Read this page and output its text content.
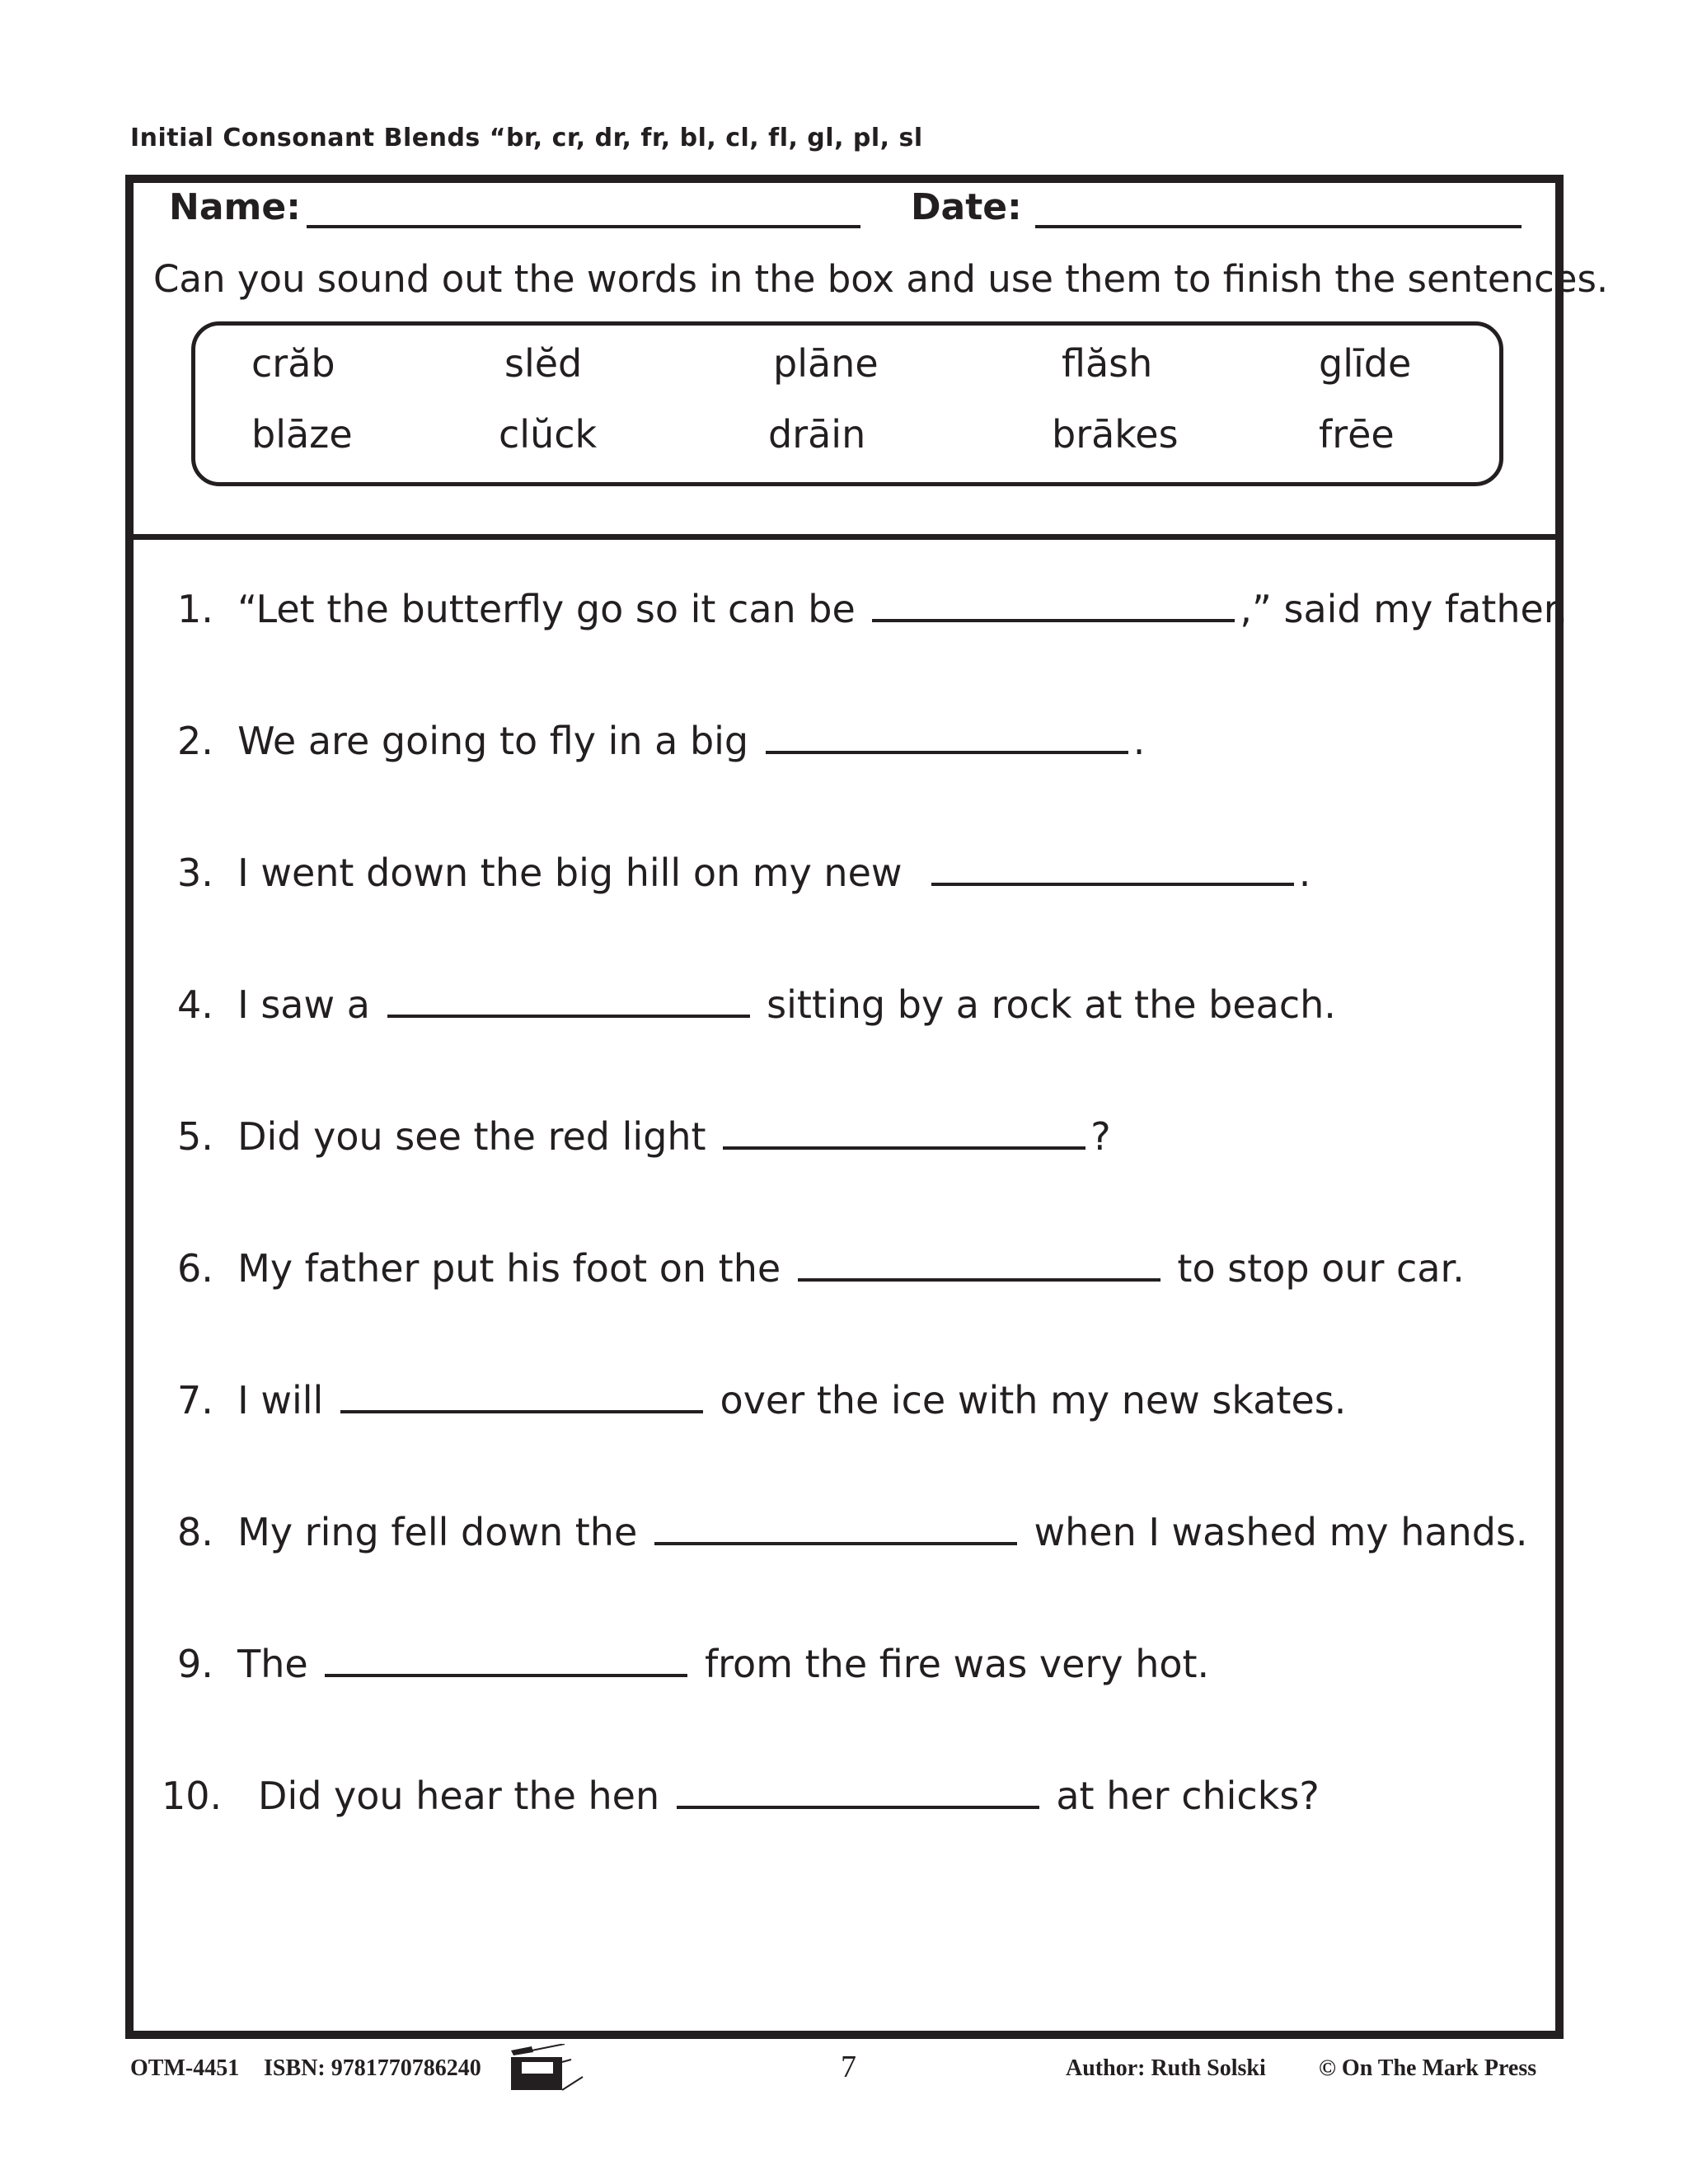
Initial Consonant Blends “br, cr, dr, fr, bl, cl, fl, gl, pl, sl
Name:	Date:
Can you sound out the words in the box and use them to finish the sentences.
crăb	slĕd	plāne	flăsh	glīde
blāze	clŭck	drāin	brākes	frēe
1. “Let the butterfly go so it can be	,” said my father.
2. We are going to fly in a big	.
3. I went down the big hill on my new	.
4. I saw a	sitting by a rock at the beach.
5. Did you see the red light	?
6. My father put his foot on the	to stop our car.
7. I will	over the ice with my new skates.
8. My ring fell down the	when I washed my hands.
9. The	from the fire was very hot.
10. Did you hear the hen	at her chicks?
OTM-4451 ISBN: 9781770786240	7	Author: Ruth Solski © On The Mark Press
